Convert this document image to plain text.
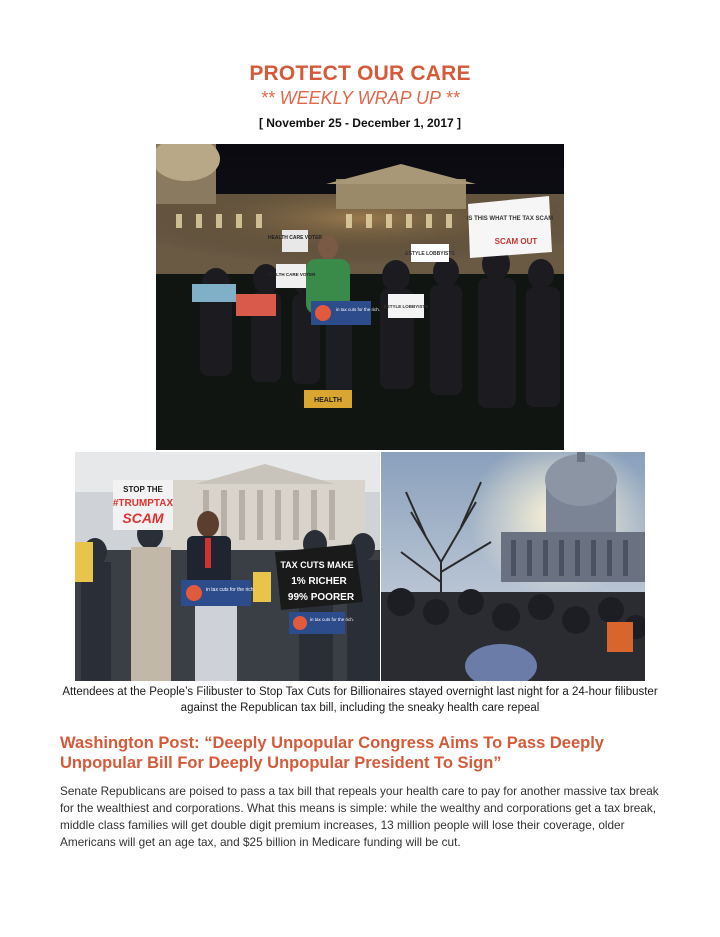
PROTECT OUR CARE
** WEEKLY WRAP UP **
[ November 25 - December 1, 2017 ]
HEALTH CARE VOTER
HEALTH CARE VOTER
ESTYLE LOBBYISTS
ESTYLE LOBBYISTS
IS THIS WHAT THE TAX SCAM
SCAM OUT
in tax cuts for the rich.
HEALTH
STOP THE
#TRUMPTAX
SCAM
TAX CUTS MAKE
1% RICHER
99% POORER
in tax cuts for the rich.
in tax cuts for the rich.
Attendees at the People’s Filibuster to Stop Tax Cuts for Billionaires stayed overnight last night for a 24-hour filibuster against the Republican tax bill, including the sneaky health care repeal
Washington Post: “Deeply Unpopular Congress Aims To Pass Deeply Unpopular Bill For Deeply Unpopular President To Sign”
Senate Republicans are poised to pass a tax bill that repeals your health care to pay for another massive tax break for the wealthiest and corporations. What this means is simple: while the wealthy and corporations get a tax break, middle class families will get double digit premium increases, 13 million people will lose their coverage, older Americans will get an age tax, and $25 billion in Medicare funding will be cut.
